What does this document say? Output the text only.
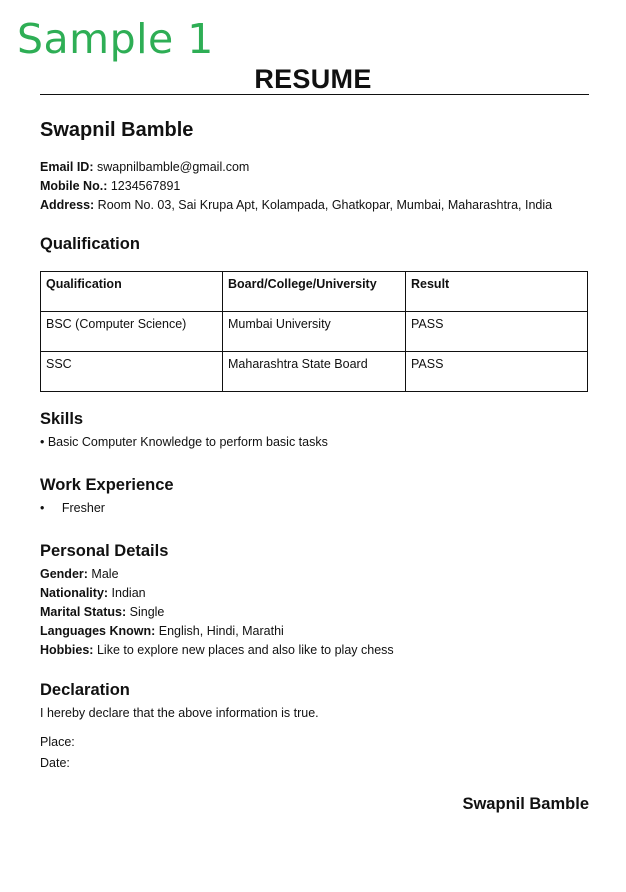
Sample 1
RESUME
Swapnil Bamble
Email ID: swapnilbamble@gmail.com
Mobile No.: 1234567891
Address: Room No. 03, Sai Krupa Apt, Kolampada, Ghatkopar, Mumbai, Maharashtra, India
Qualification
Qualification	Board/College/University	Result
BSC (Computer Science)	Mumbai University	PASS
SSC	Maharashtra State Board	PASS
Skills
• Basic Computer Knowledge to perform basic tasks
Work Experience
• Fresher
Personal Details
Gender: Male
Nationality: Indian
Marital Status: Single
Languages Known: English, Hindi, Marathi
Hobbies: Like to explore new places and also like to play chess
Declaration
I hereby declare that the above information is true.
Place:
Date:
Swapnil Bamble
